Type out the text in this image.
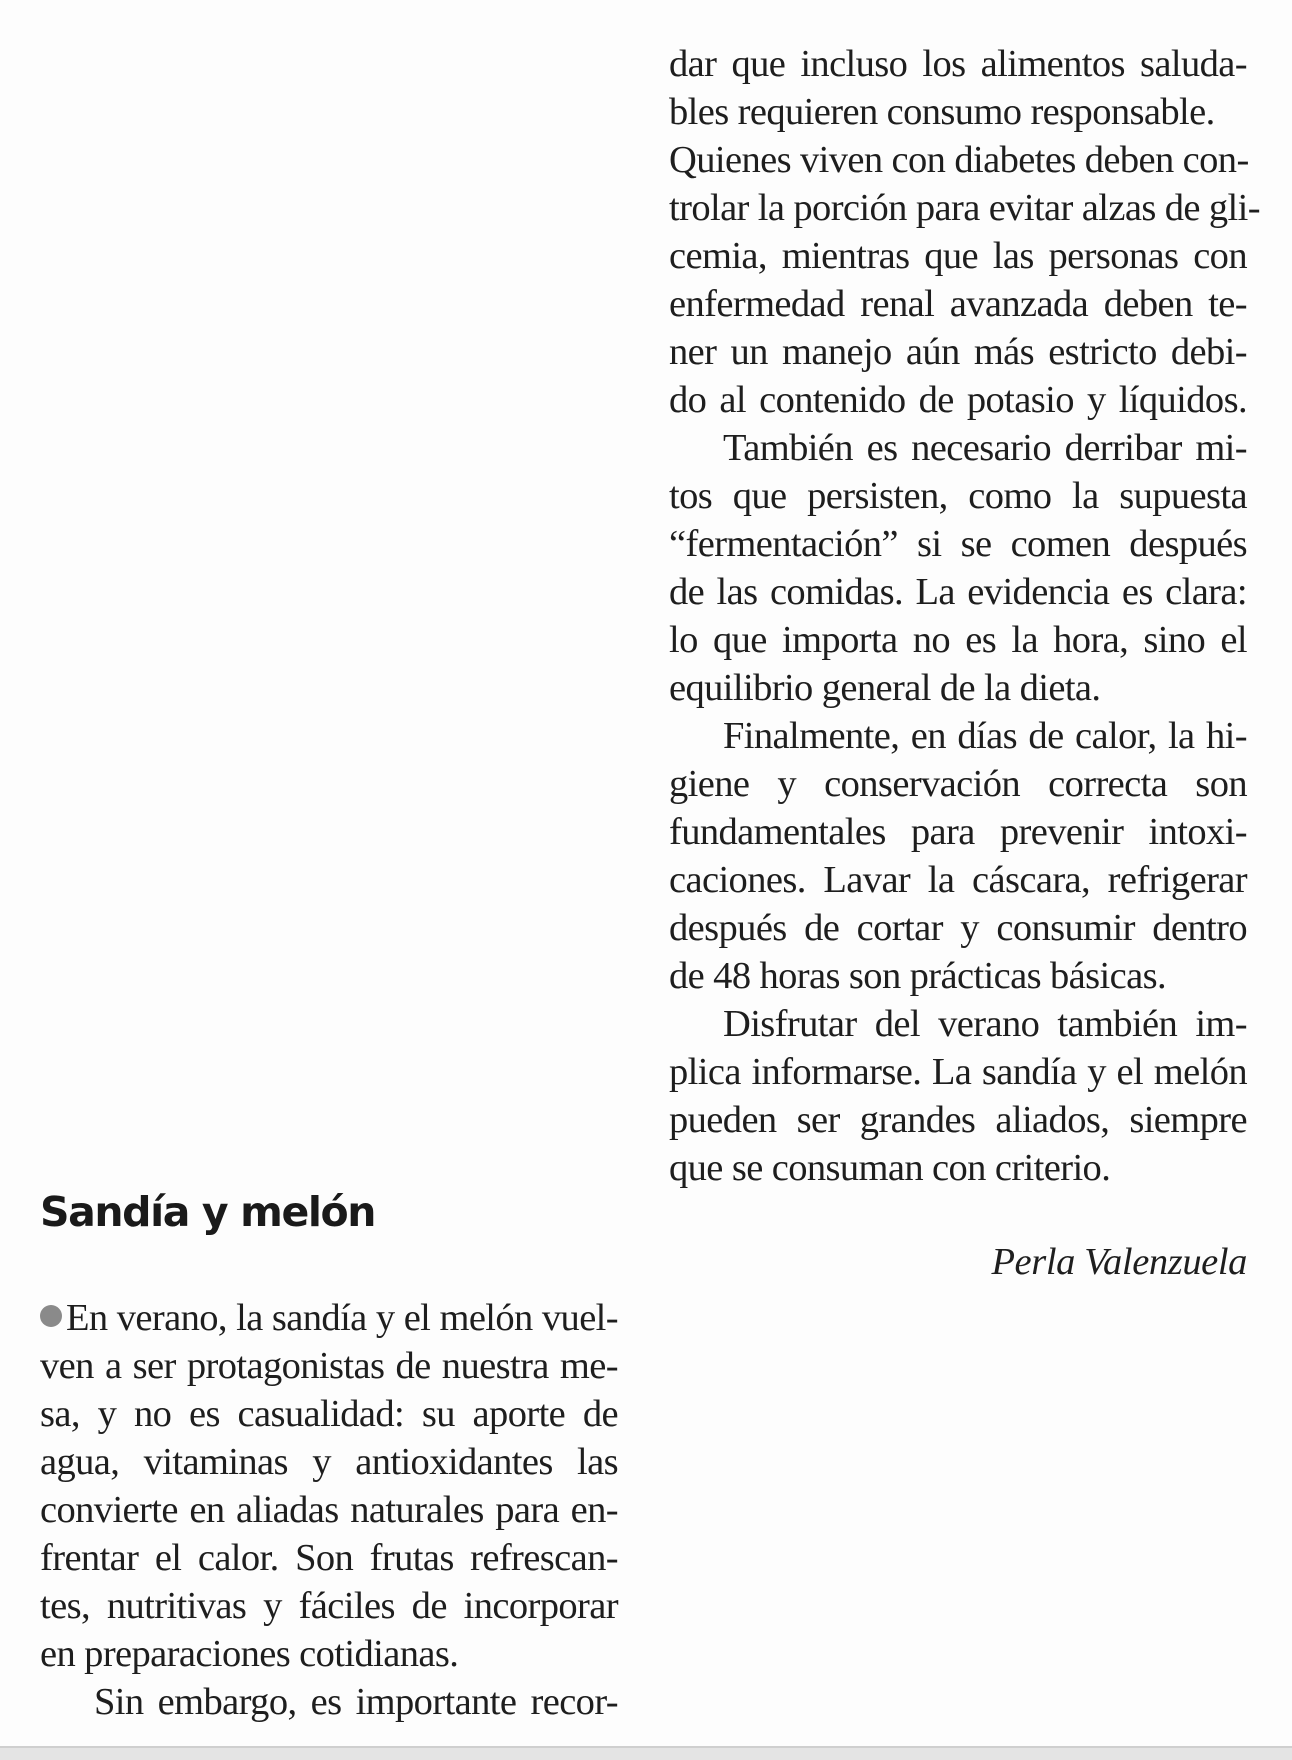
dar que incluso los alimentos saluda-
bles requieren consumo responsable.
Quienes viven con diabetes deben con-
trolar la porción para evitar alzas de gli-
cemia, mientras que las personas con
enfermedad renal avanzada deben te-
ner un manejo aún más estricto debi-
do al contenido de potasio y líquidos.
También es necesario derribar mi-
tos que persisten, como la supuesta
“fermentación” si se comen después
de las comidas. La evidencia es clara:
lo que importa no es la hora, sino el
equilibrio general de la dieta.
Finalmente, en días de calor, la hi-
giene y conservación correcta son
fundamentales para prevenir intoxi-
caciones. Lavar la cáscara, refrigerar
después de cortar y consumir dentro
de 48 horas son prácticas básicas.
Disfrutar del verano también im-
plica informarse. La sandía y el melón
pueden ser grandes aliados, siempre
que se consuman con criterio.
Perla Valenzuela
Sandía y melón
En verano, la sandía y el melón vuel-
ven a ser protagonistas de nuestra me-
sa, y no es casualidad: su aporte de
agua, vitaminas y antioxidantes las
convierte en aliadas naturales para en-
frentar el calor. Son frutas refrescan-
tes, nutritivas y fáciles de incorporar
en preparaciones cotidianas.
Sin embargo, es importante recor-
